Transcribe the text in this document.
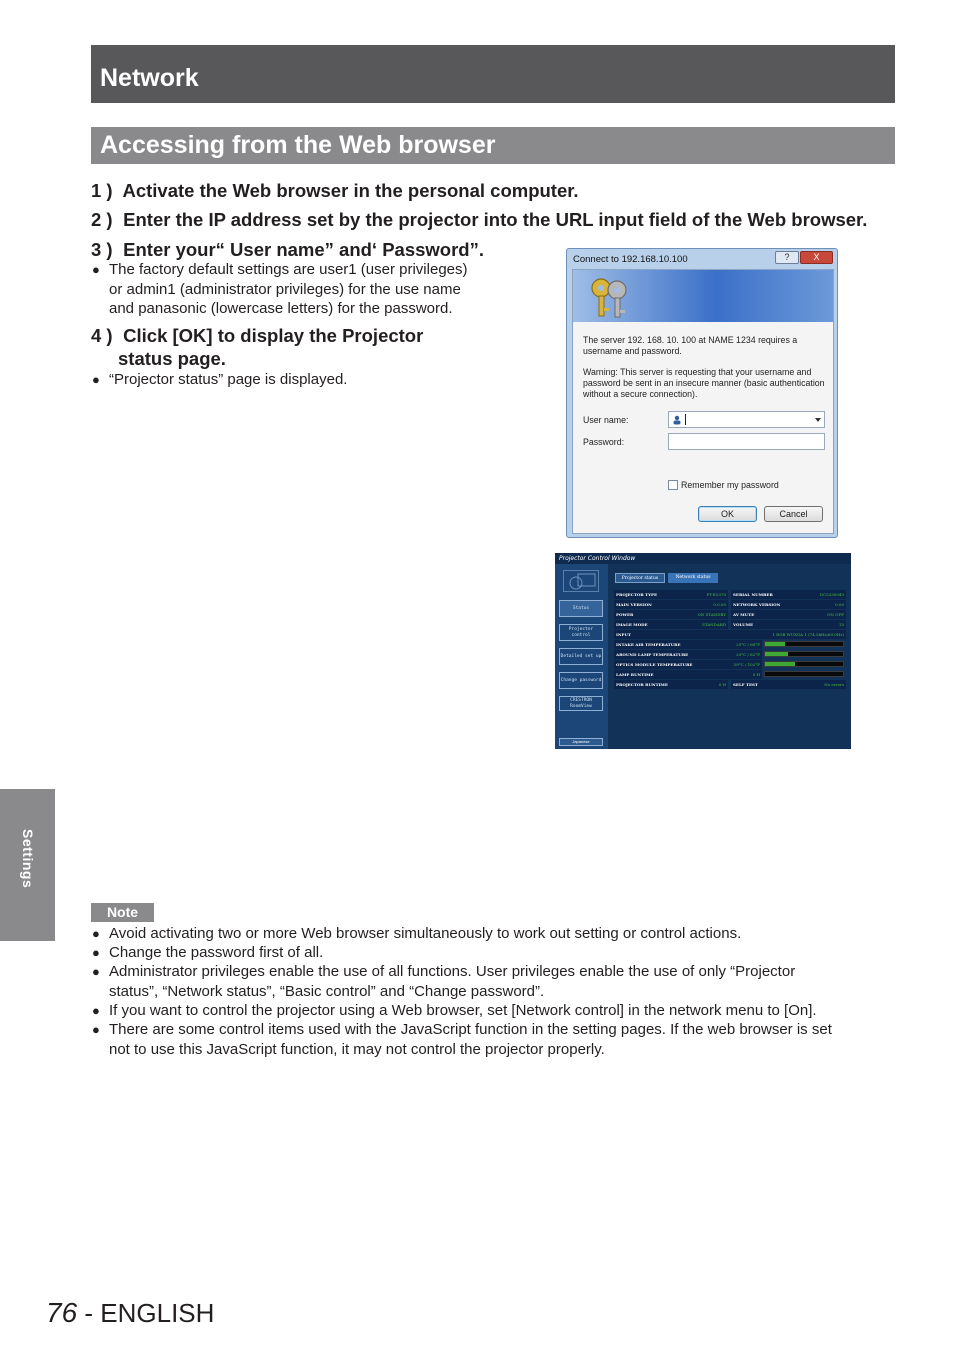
Network
Accessing from the Web browser
1 ) Activate the Web browser in the personal computer.
2 ) Enter the IP address set by the projector into the URL input field of the Web browser.
3 ) Enter your“ User name” and‘ Password”.
● The factory default settings are user1 (user privileges)
or admin1 (administrator privileges) for the use name
and panasonic (lowercase letters) for the password.
4 ) Click [OK] to display the Projector
status page.
● “Projector status” page is displayed.
Connect to 192.168.10.100	?	X
The server 192. 168. 10. 100 at NAME 1234 requires a
username and password.
Warning: This server is requesting that your username and
password be sent in an insecure manner (basic authentication
without a secure connection).
User name:
Password:
Remember my password
OK	Cancel
Projector Control Window
Status
Projector control
Detailed set up
Change password
CRESTRON RoomView
Japanese
Projector status	Network status
PROJECTOR TYPE	PT-E2370	SERIAL NUMBER	DC5330049
MAIN VERSION	0.0.00	NETWORK VERSION	0.00
POWER	ON STANDBY	AV MUTE	ON OFF
IMAGE MODE	STANDARD	VOLUME	15
INPUT	1 RGB WUXGA 1 (74.5kHz/60.0Hz)
INTAKE AIR TEMPERATURE	25°C / 68°F
AROUND LAMP TEMPERATURE	29°C / 82°F
OPTICS MODULE TEMPERATURE	39°C / 102°F
LAMP RUNTIME	0 H
PROJECTOR RUNTIME	0 H	SELF TEST	No errors
Settings
Note
● Avoid activating two or more Web browser simultaneously to work out setting or control actions.
● Change the password first of all.
● Administrator privileges enable the use of all functions. User privileges enable the use of only “Projector
status”, “Network status”, “Basic control” and “Change password”.
● If you want to control the projector using a Web browser, set [Network control] in the network menu to [On].
● There are some control items used with the JavaScript function in the setting pages. If the web browser is set
not to use this JavaScript function, it may not control the projector properly.
76 - ENGLISH
